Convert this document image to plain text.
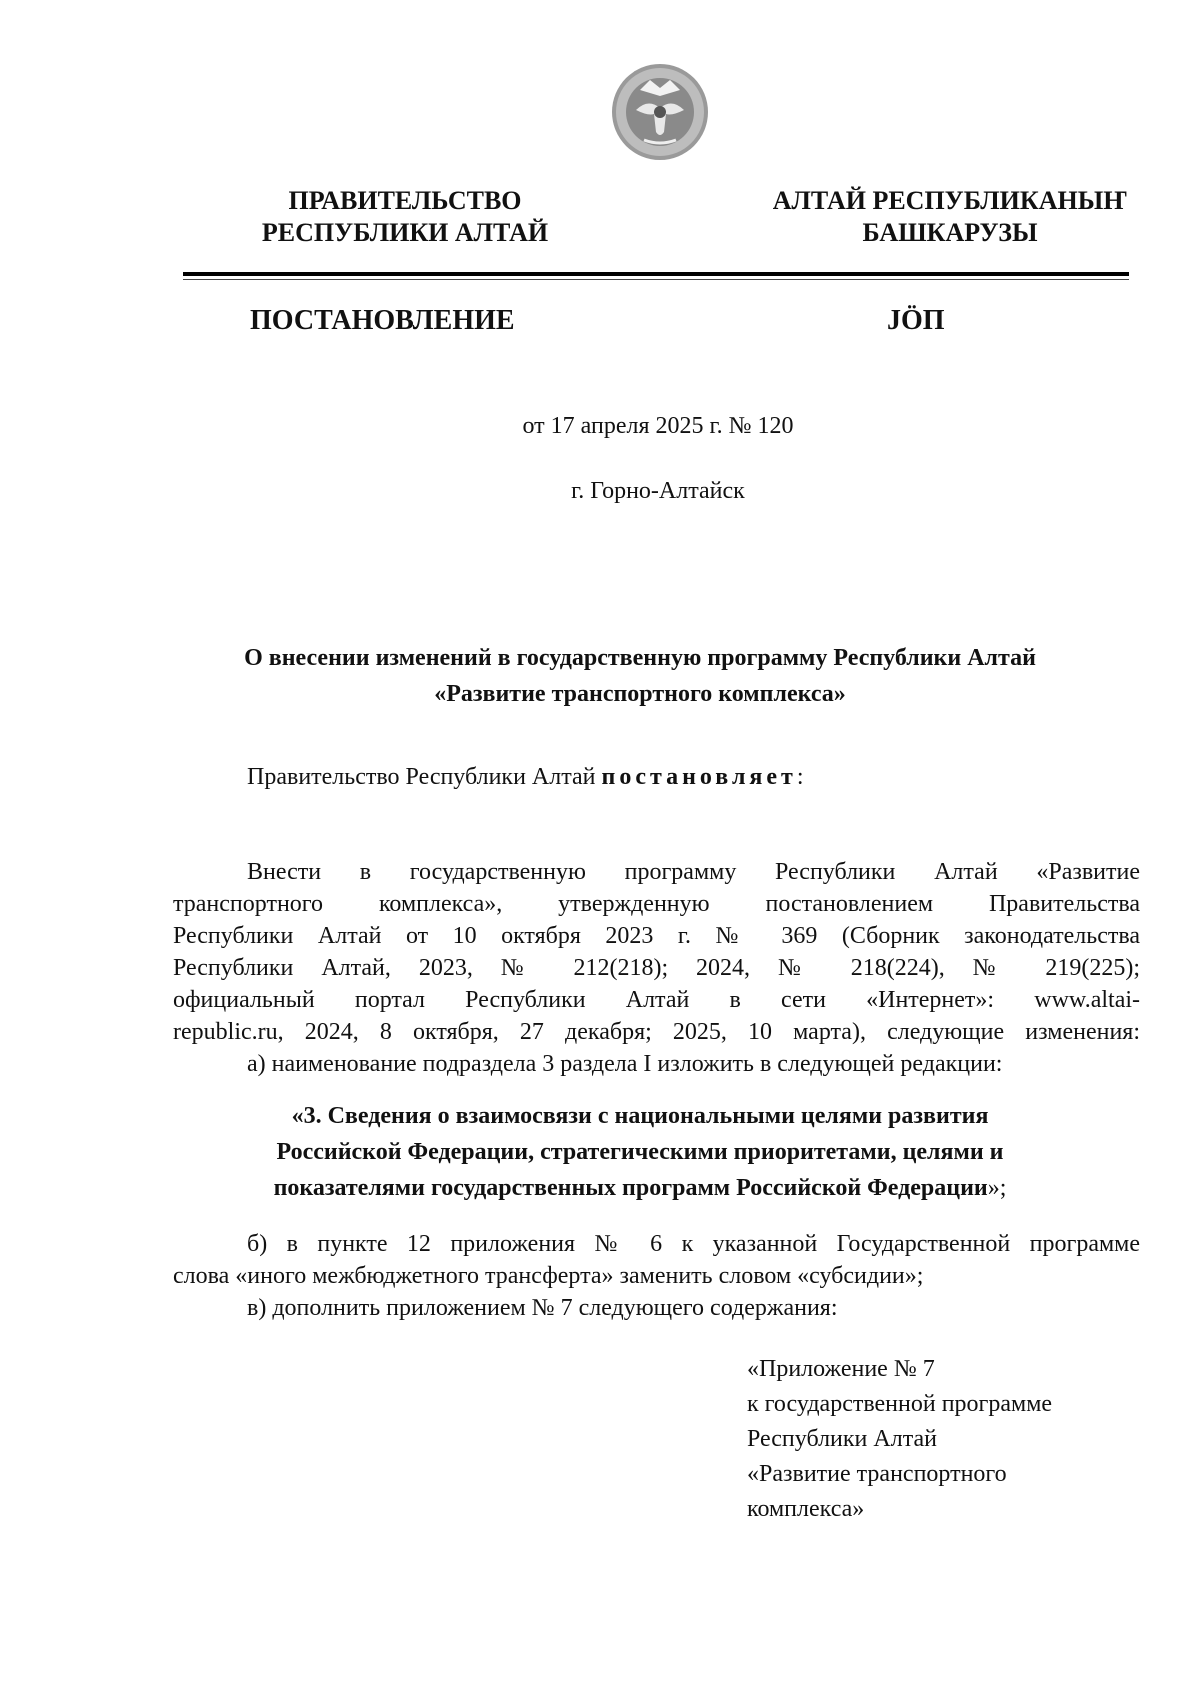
ПРАВИТЕЛЬСТВО
РЕСПУБЛИКИ АЛТАЙ
АЛТАЙ РЕСПУБЛИКАНЫҤ
БАШКАРУЗЫ
ПОСТАНОВЛЕНИЕ	JӦП
от 17 апреля 2025 г. № 120
г. Горно-Алтайск
О внесении изменений в государственную программу Республики Алтай
«Развитие транспортного комплекса»
Правительство Республики Алтай постановляет:
Внести в государственную программу Республики Алтай «Развитие
транспортного комплекса», утвержденную постановлением Правительства
Республики Алтай от 10 октября 2023 г. № 369 (Сборник законодательства
Республики Алтай, 2023, № 212(218); 2024, № 218(224), № 219(225);
официальный портал Республики Алтай в сети «Интернет»: www.altai-
republic.ru, 2024, 8 октября, 27 декабря; 2025, 10 марта), следующие изменения:
а) наименование подраздела 3 раздела I изложить в следующей редакции:
«3. Сведения о взаимосвязи с национальными целями развития
Российской Федерации, стратегическими приоритетами, целями и
показателями государственных программ Российской Федерации»;
б) в пункте 12 приложения № 6 к указанной Государственной программе
слова «иного межбюджетного трансферта» заменить словом «субсидии»;
в) дополнить приложением № 7 следующего содержания:
«Приложение № 7
к государственной программе
Республики Алтай
«Развитие транспортного
комплекса»
